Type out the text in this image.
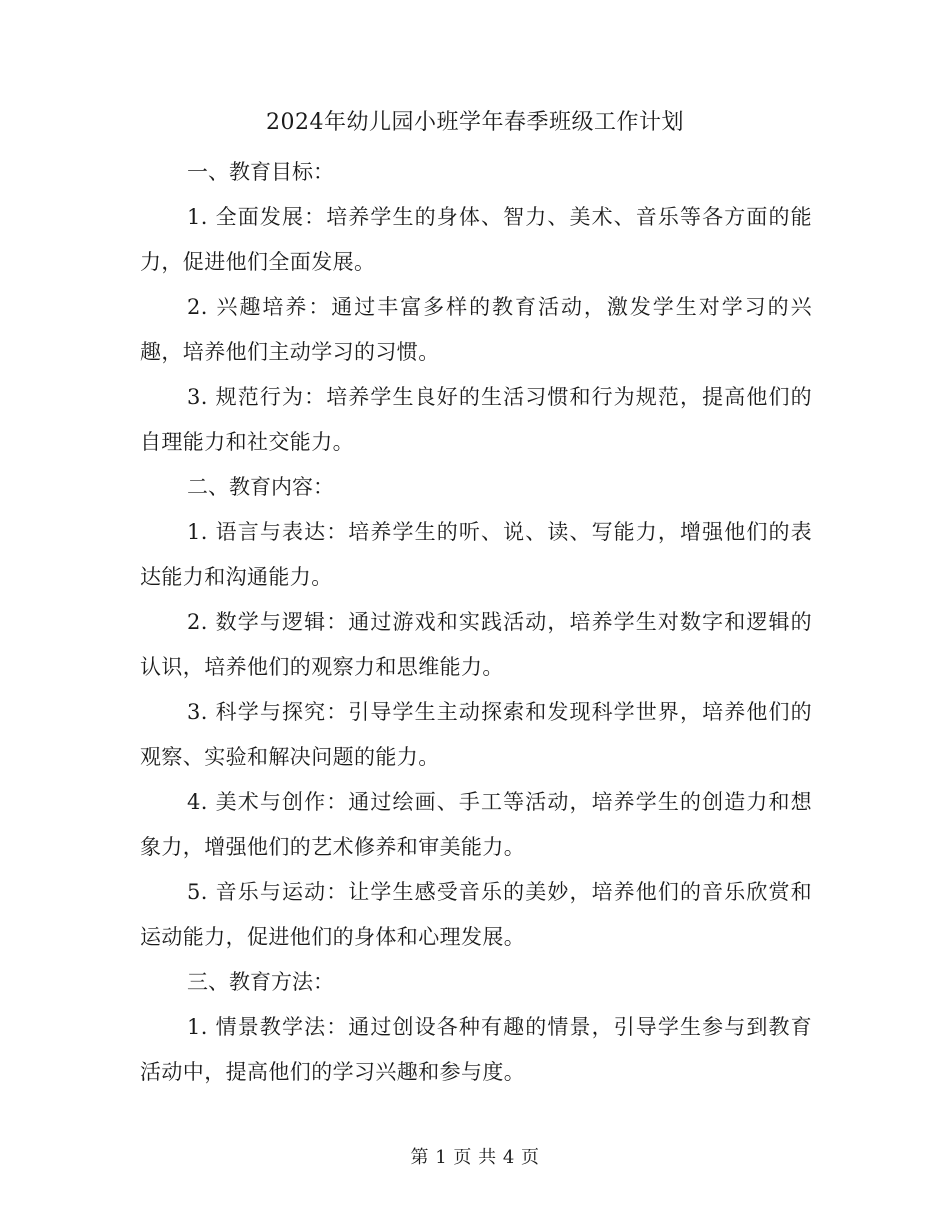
2024年幼儿园小班学年春季班级工作计划

一、教育目标：

1. 全面发展：培养学生的身体、智力、美术、音乐等各方面的能力，促进他们全面发展。

2. 兴趣培养：通过丰富多样的教育活动，激发学生对学习的兴趣，培养他们主动学习的习惯。

3. 规范行为：培养学生良好的生活习惯和行为规范，提高他们的自理能力和社交能力。

二、教育内容：

1. 语言与表达：培养学生的听、说、读、写能力，增强他们的表达能力和沟通能力。

2. 数学与逻辑：通过游戏和实践活动，培养学生对数字和逻辑的认识，培养他们的观察力和思维能力。

3. 科学与探究：引导学生主动探索和发现科学世界，培养他们的观察、实验和解决问题的能力。

4. 美术与创作：通过绘画、手工等活动，培养学生的创造力和想象力，增强他们的艺术修养和审美能力。

5. 音乐与运动：让学生感受音乐的美妙，培养他们的音乐欣赏和运动能力，促进他们的身体和心理发展。

三、教育方法：

1. 情景教学法：通过创设各种有趣的情景，引导学生参与到教育活动中，提高他们的学习兴趣和参与度。

第 1 页 共 4 页
